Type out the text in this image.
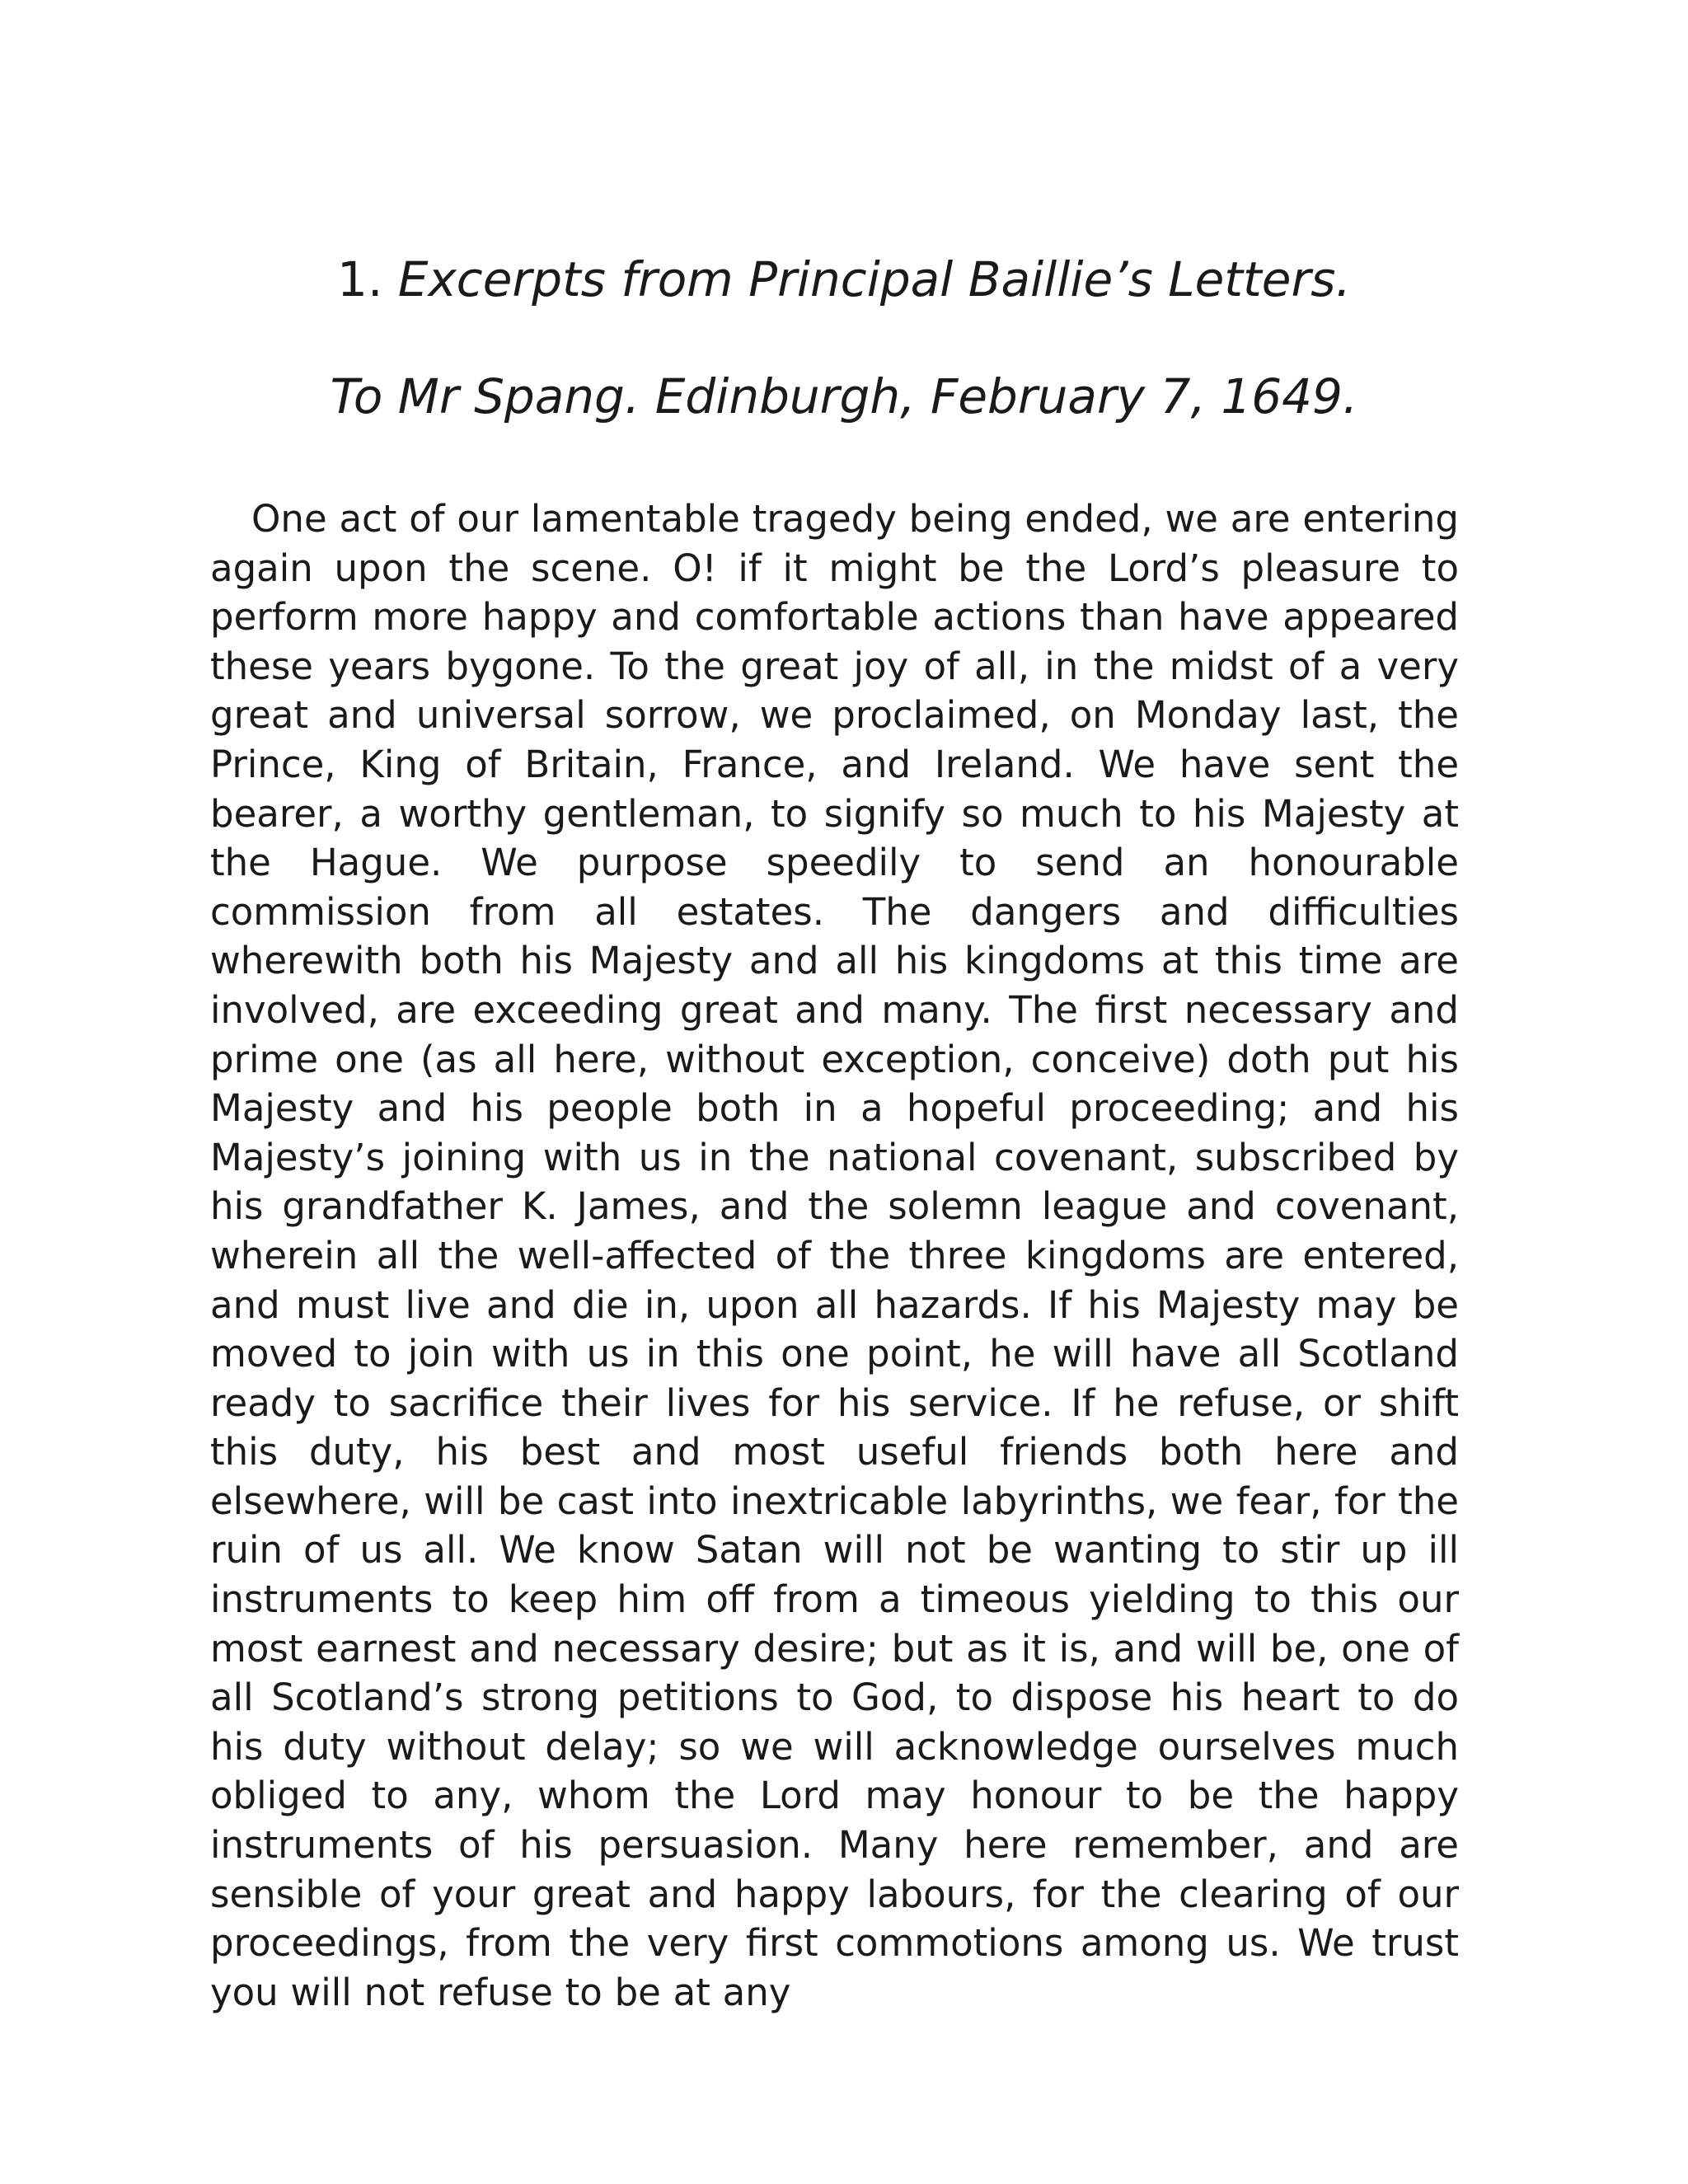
1. Excerpts from Principal Baillie’s Letters.
To Mr Spang. Edinburgh, February 7, 1649.

One act of our lamentable tragedy being ended, we are entering again upon the scene. O! if it might be the Lord’s pleasure to perform more happy and comfortable actions than have appeared these years bygone. To the great joy of all, in the midst of a very great and universal sorrow, we proclaimed, on Monday last, the Prince, King of Britain, France, and Ireland. We have sent the bearer, a worthy gentleman, to signify so much to his Majesty at the Hague. We purpose speedily to send an honourable commission from all estates. The dangers and difficulties wherewith both his Majesty and all his kingdoms at this time are involved, are exceeding great and many. The first necessary and prime one (as all here, without exception, conceive) doth put his Majesty and his people both in a hopeful proceeding; and his Majesty’s joining with us in the national covenant, subscribed by his grandfather K. James, and the solemn league and covenant, wherein all the well-affected of the three kingdoms are entered, and must live and die in, upon all hazards. If his Majesty may be moved to join with us in this one point, he will have all Scotland ready to sacrifice their lives for his service. If he refuse, or shift this duty, his best and most useful friends both here and elsewhere, will be cast into inextricable labyrinths, we fear, for the ruin of us all. We know Satan will not be wanting to stir up ill instruments to keep him off from a timeous yielding to this our most earnest and necessary desire; but as it is, and will be, one of all Scotland’s strong petitions to God, to dispose his heart to do his duty without delay; so we will acknowledge ourselves much obliged to any, whom the Lord may honour to be the happy instruments of his persuasion. Many here remember, and are sensible of your great and happy labours, for the clearing of our proceedings, from the very first commotions among us. We trust you will not refuse to be at any
